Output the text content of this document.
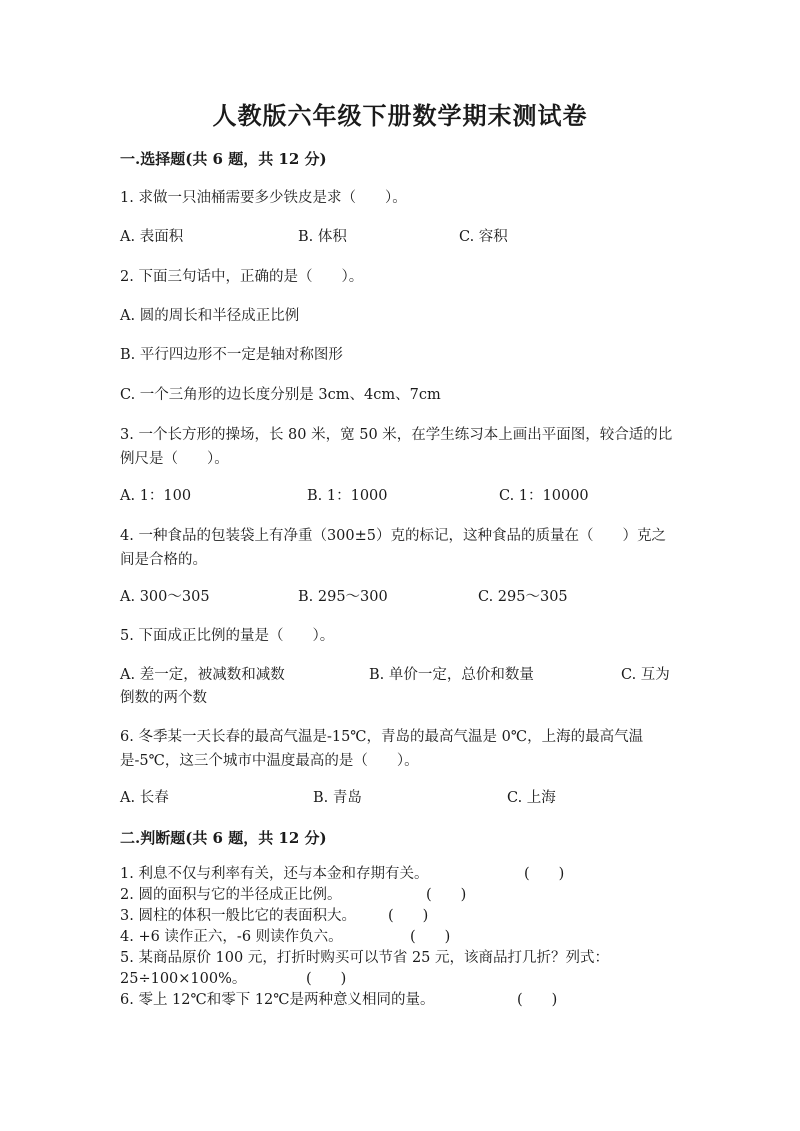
人教版六年级下册数学期末测试卷
一.选择题(共 6 题，共 12 分)
1. 求做一只油桶需要多少铁皮是求（　　）。
A. 表面积	B. 体积	C. 容积
2. 下面三句话中，正确的是（　　）。
A. 圆的周长和半径成正比例
B. 平行四边形不一定是轴对称图形
C. 一个三角形的边长度分别是 3cm、4cm、7cm
3. 一个长方形的操场，长 80 米，宽 50 米，在学生练习本上画出平面图，较合适的比例尺是（　　）。
A. 1：100	B. 1：1000	C. 1：10000
4. 一种食品的包装袋上有净重（300±5）克的标记，这种食品的质量在（　　）克之间是合格的。
A. 300～305	B. 295～300	C. 295～305
5. 下面成正比例的量是（　　）。
A. 差一定，被减数和减数	B. 单价一定，总价和数量	C. 互为
倒数的两个数
6. 冬季某一天长春的最高气温是-15℃，青岛的最高气温是 0℃，上海的最高气温是-5℃，这三个城市中温度最高的是（　　）。
A. 长春	B. 青岛	C. 上海
二.判断题(共 6 题，共 12 分)
1. 利息不仅与利率有关，还与本金和存期有关。	(　　)
2. 圆的面积与它的半径成正比例。	(　　)
3. 圆柱的体积一般比它的表面积大。 (　　)
4. +6 读作正六，-6 则读作负六。	(　　)
5. 某商品原价 100 元，打折时购买可以节省 25 元，该商品打几折？列式：
25÷100×100%。	(　　)
6. 零上 12℃和零下 12℃是两种意义相同的量。	(　　)
